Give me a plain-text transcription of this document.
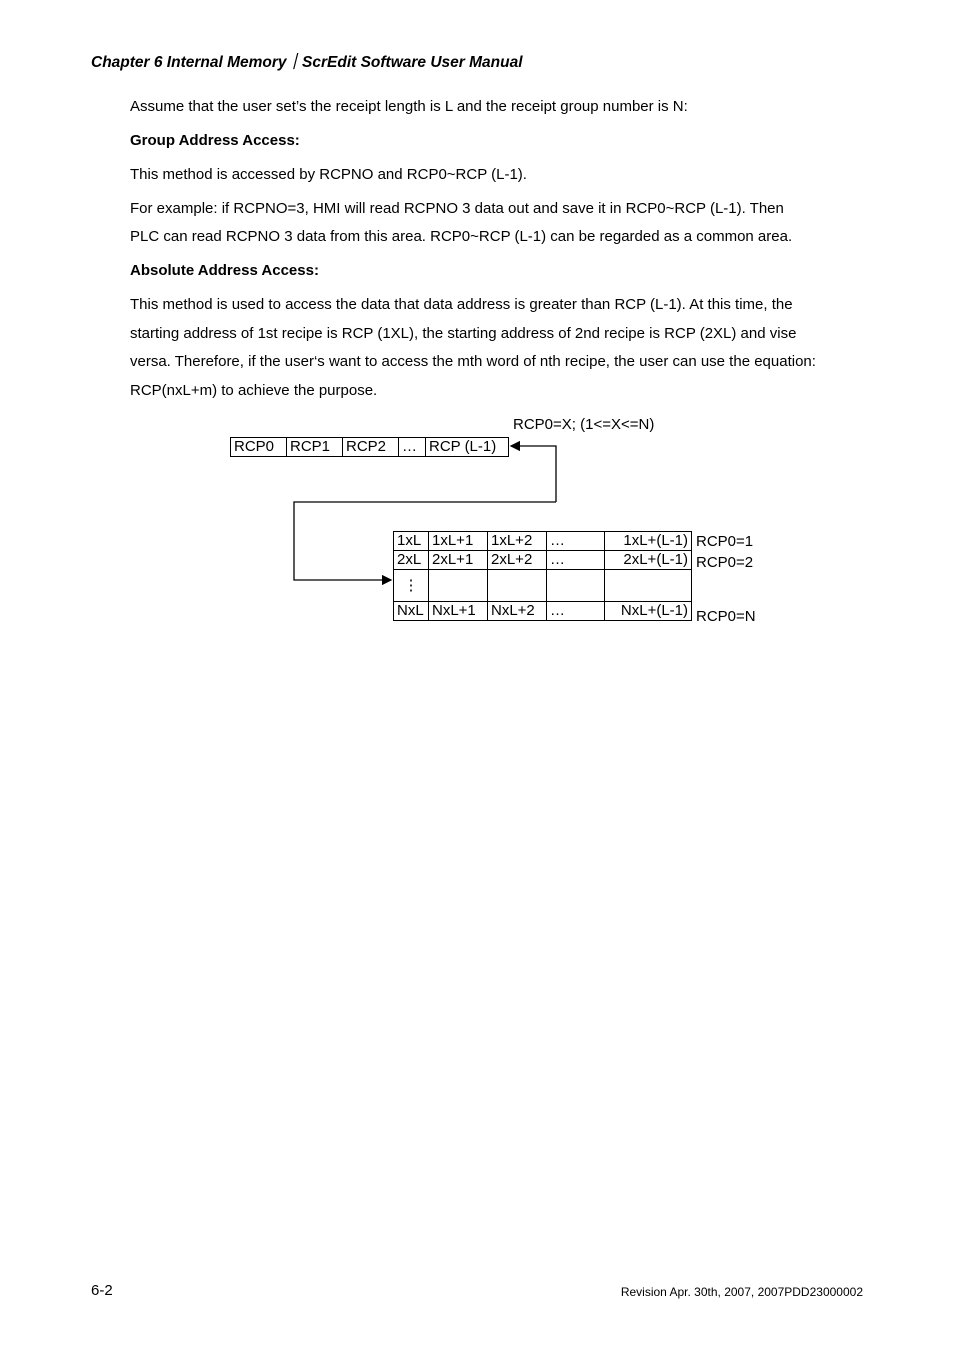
Chapter 6 Internal Memory｜ScrEdit Software User Manual
Assume that the user set’s the receipt length is L and the receipt group number is N:
Group Address Access:
This method is accessed by RCPNO and RCP0~RCP (L-1).
For example: if RCPNO=3, HMI will read RCPNO 3 data out and save it in RCP0~RCP (L-1). Then
PLC can read RCPNO 3 data from this area. RCP0~RCP (L-1) can be regarded as a common area.
Absolute Address Access:
This method is used to access the data that data address is greater than RCP (L-1). At this time, the
starting address of 1st recipe is RCP (1XL), the starting address of 2nd recipe is RCP (2XL) and vise
versa. Therefore, if the user‘s want to access the mth word of nth recipe, the user can use the equation:
RCP(nxL+m) to achieve the purpose.
RCP0=X; (1<=X<=N)
RCP0	RCP1	RCP2	…	RCP (L-1)
1xL	1xL+1	1xL+2	…	1xL+(L-1)
2xL	2xL+1	2xL+2	…	2xL+(L-1)
⋮				
NxL	NxL+1	NxL+2	…	NxL+(L-1)
RCP0=1
RCP0=2
RCP0=N
6-2	Revision Apr. 30th, 2007, 2007PDD23000002
